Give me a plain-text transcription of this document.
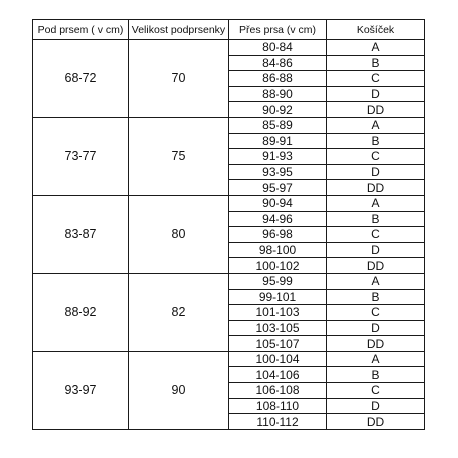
Pod prsem ( v cm)	Velikost podprsenky	Přes prsa (v cm)	Košíček
68-72	70	80-84	A
		84-86	B
		86-88	C
		88-90	D
		90-92	DD
73-77	75	85-89	A
		89-91	B
		91-93	C
		93-95	D
		95-97	DD
83-87	80	90-94	A
		94-96	B
		96-98	C
		98-100	D
		100-102	DD
88-92	82	95-99	A
		99-101	B
		101-103	C
		103-105	D
		105-107	DD
93-97	90	100-104	A
		104-106	B
		106-108	C
		108-110	D
		110-112	DD
